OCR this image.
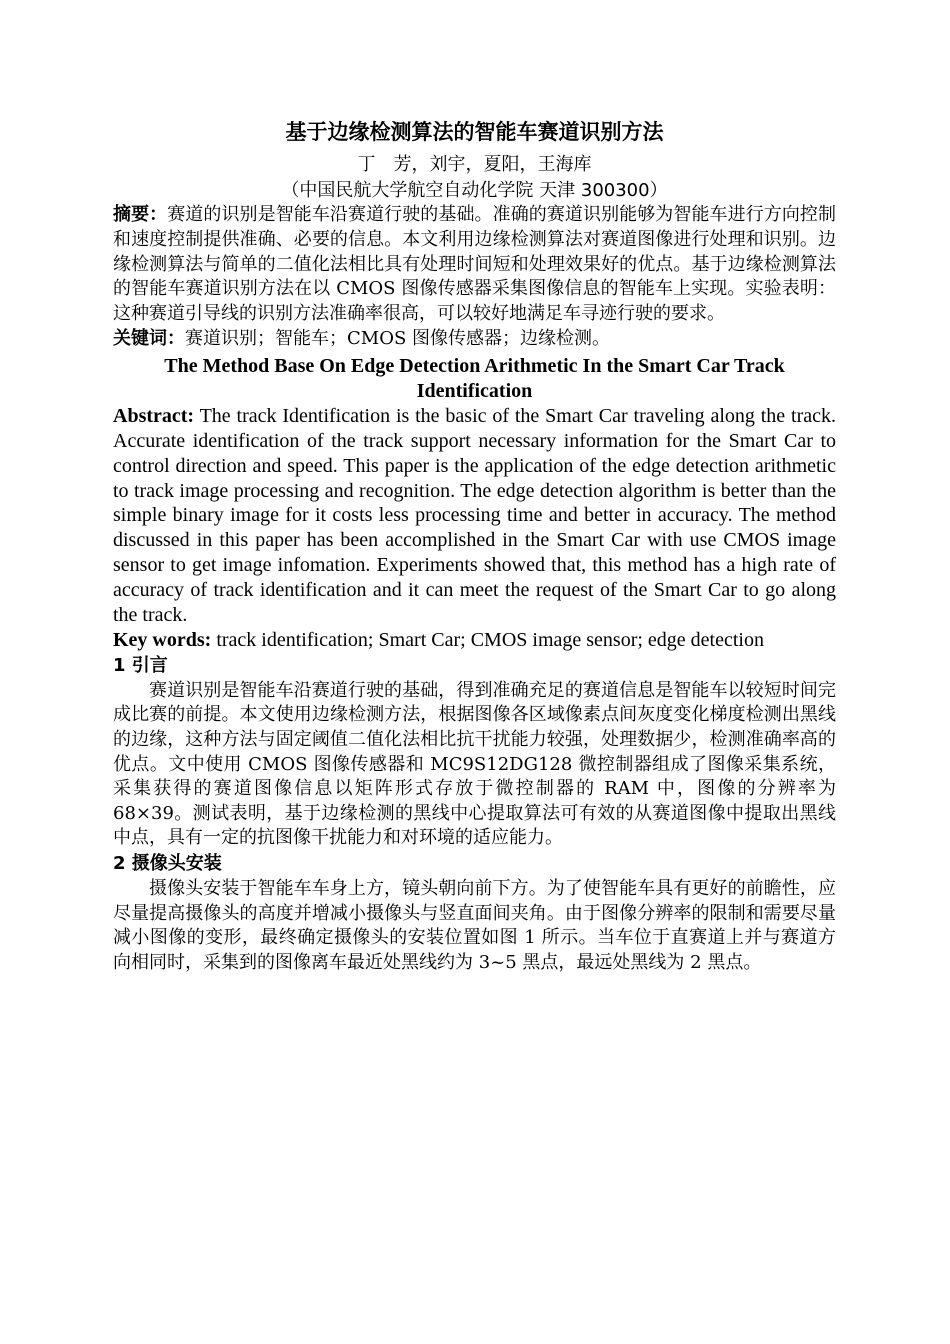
基于边缘检测算法的智能车赛道识别方法
丁　芳，刘宇，夏阳，王海库
（中国民航大学航空自动化学院 天津 300300）

摘要：赛道的识别是智能车沿赛道行驶的基础。准确的赛道识别能够为智能车进行方向控制和速度控制提供准确、必要的信息。本文利用边缘检测算法对赛道图像进行处理和识别。边缘检测算法与简单的二值化法相比具有处理时间短和处理效果好的优点。基于边缘检测算法的智能车赛道识别方法在以 CMOS 图像传感器采集图像信息的智能车上实现。实验表明：这种赛道引导线的识别方法准确率很高，可以较好地满足车寻迹行驶的要求。

关键词：赛道识别；智能车；CMOS 图像传感器；边缘检测。

The Method Base On Edge Detection Arithmetic In the Smart Car Track Identification

Abstract: The track Identification is the basic of the Smart Car traveling along the track. Accurate identification of the track support necessary information for the Smart Car to control direction and speed. This paper is the application of the edge detection arithmetic to track image processing and recognition. The edge detection algorithm is better than the simple binary image for it costs less processing time and better in accuracy. The method discussed in this paper has been accomplished in the Smart Car with use CMOS image sensor to get image infomation. Experiments showed that, this method has a high rate of accuracy of track identification and it can meet the request of the Smart Car to go along the track.

Key words: track identification; Smart Car; CMOS image sensor; edge detection

1 引言

赛道识别是智能车沿赛道行驶的基础，得到准确充足的赛道信息是智能车以较短时间完成比赛的前提。本文使用边缘检测方法，根据图像各区域像素点间灰度变化梯度检测出黑线的边缘，这种方法与固定阈值二值化法相比抗干扰能力较强，处理数据少，检测准确率高的优点。文中使用 CMOS 图像传感器和 MC9S12DG128 微控制器组成了图像采集系统，采集获得的赛道图像信息以矩阵形式存放于微控制器的 RAM 中，图像的分辨率为 68×39。测试表明，基于边缘检测的黑线中心提取算法可有效的从赛道图像中提取出黑线中点，具有一定的抗图像干扰能力和对环境的适应能力。

2 摄像头安装

摄像头安装于智能车车身上方，镜头朝向前下方。为了使智能车具有更好的前瞻性，应尽量提高摄像头的高度并增减小摄像头与竖直面间夹角。由于图像分辨率的限制和需要尽量减小图像的变形，最终确定摄像头的安装位置如图 1 所示。当车位于直赛道上并与赛道方向相同时，采集到的图像离车最近处黑线约为 3~5 黑点，最远处黑线为 2 黑点。
